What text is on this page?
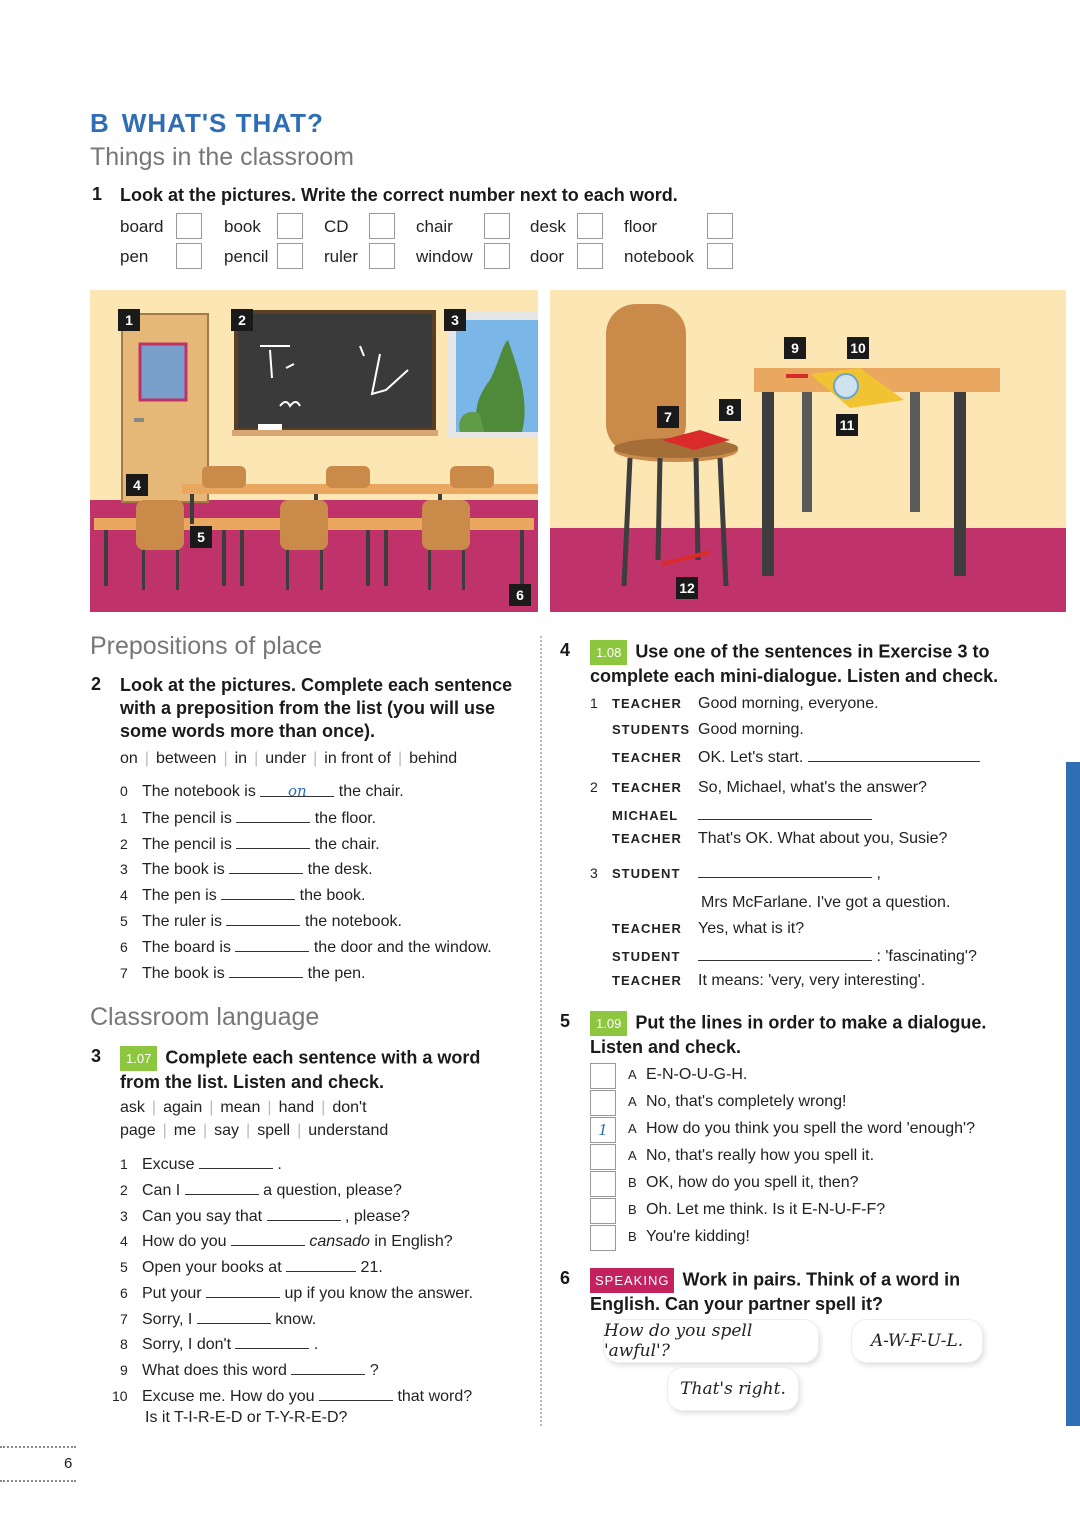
B WHAT'S THAT?
Things in the classroom
1 Look at the pictures. Write the correct number next to each word.
board	book	CD	chair	desk	floor
pen	pencil	ruler	window	door	notebook
1	2	3
4
5
6
7	8
9	10
11
12
Prepositions of place
2 Look at the pictures. Complete each sentence with a preposition from the list (you will use some words more than once).
on | between | in | under | in front of | behind
0 The notebook is on the chair.
1 The pencil is	the floor.
2 The pencil is	the chair.
3 The book is	the desk.
4 The pen is	the book.
5 The ruler is	the notebook.
6 The board is	the door and the window.
7 The book is	the pen.
Classroom language
3	1.07 Complete each sentence with a word from the list. Listen and check.
ask | again | mean | hand | don't
page | me | say | spell | understand
1 Excuse	.
2 Can I	a question, please?
3 Can you say that	, please?
4 How do you	cansado in English?
5 Open your books at	21.
6 Put your	up if you know the answer.
7 Sorry, I	know.
8 Sorry, I don't	.
9 What does this word	?
10 Excuse me. How do you	that word?
Is it T-I-R-E-D or T-Y-R-E-D?
4	1.08 Use one of the sentences in Exercise 3 to complete each mini-dialogue. Listen and check.
1 TEACHER Good morning, everyone.
STUDENTS Good morning.
TEACHER OK. Let's start.
2 TEACHER So, Michael, what's the answer?
MICHAEL
TEACHER That's OK. What about you, Susie?
3 STUDENT	,
Mrs McFarlane. I've got a question.
TEACHER Yes, what is it?
STUDENT	: 'fascinating'?
TEACHER It means: 'very, very interesting'.
5	1.09 Put the lines in order to make a dialogue. Listen and check.
A E-N-O-U-G-H.
A No, that's completely wrong!
1	A How do you think you spell the word 'enough'?
A No, that's really how you spell it.
B OK, how do you spell it, then?
B Oh. Let me think. Is it E-N-U-F-F?
B You're kidding!
6	SPEAKING Work in pairs. Think of a word in English. Can your partner spell it?
How do you spell 'awful'?	A-W-F-U-L.
That's right.
6
